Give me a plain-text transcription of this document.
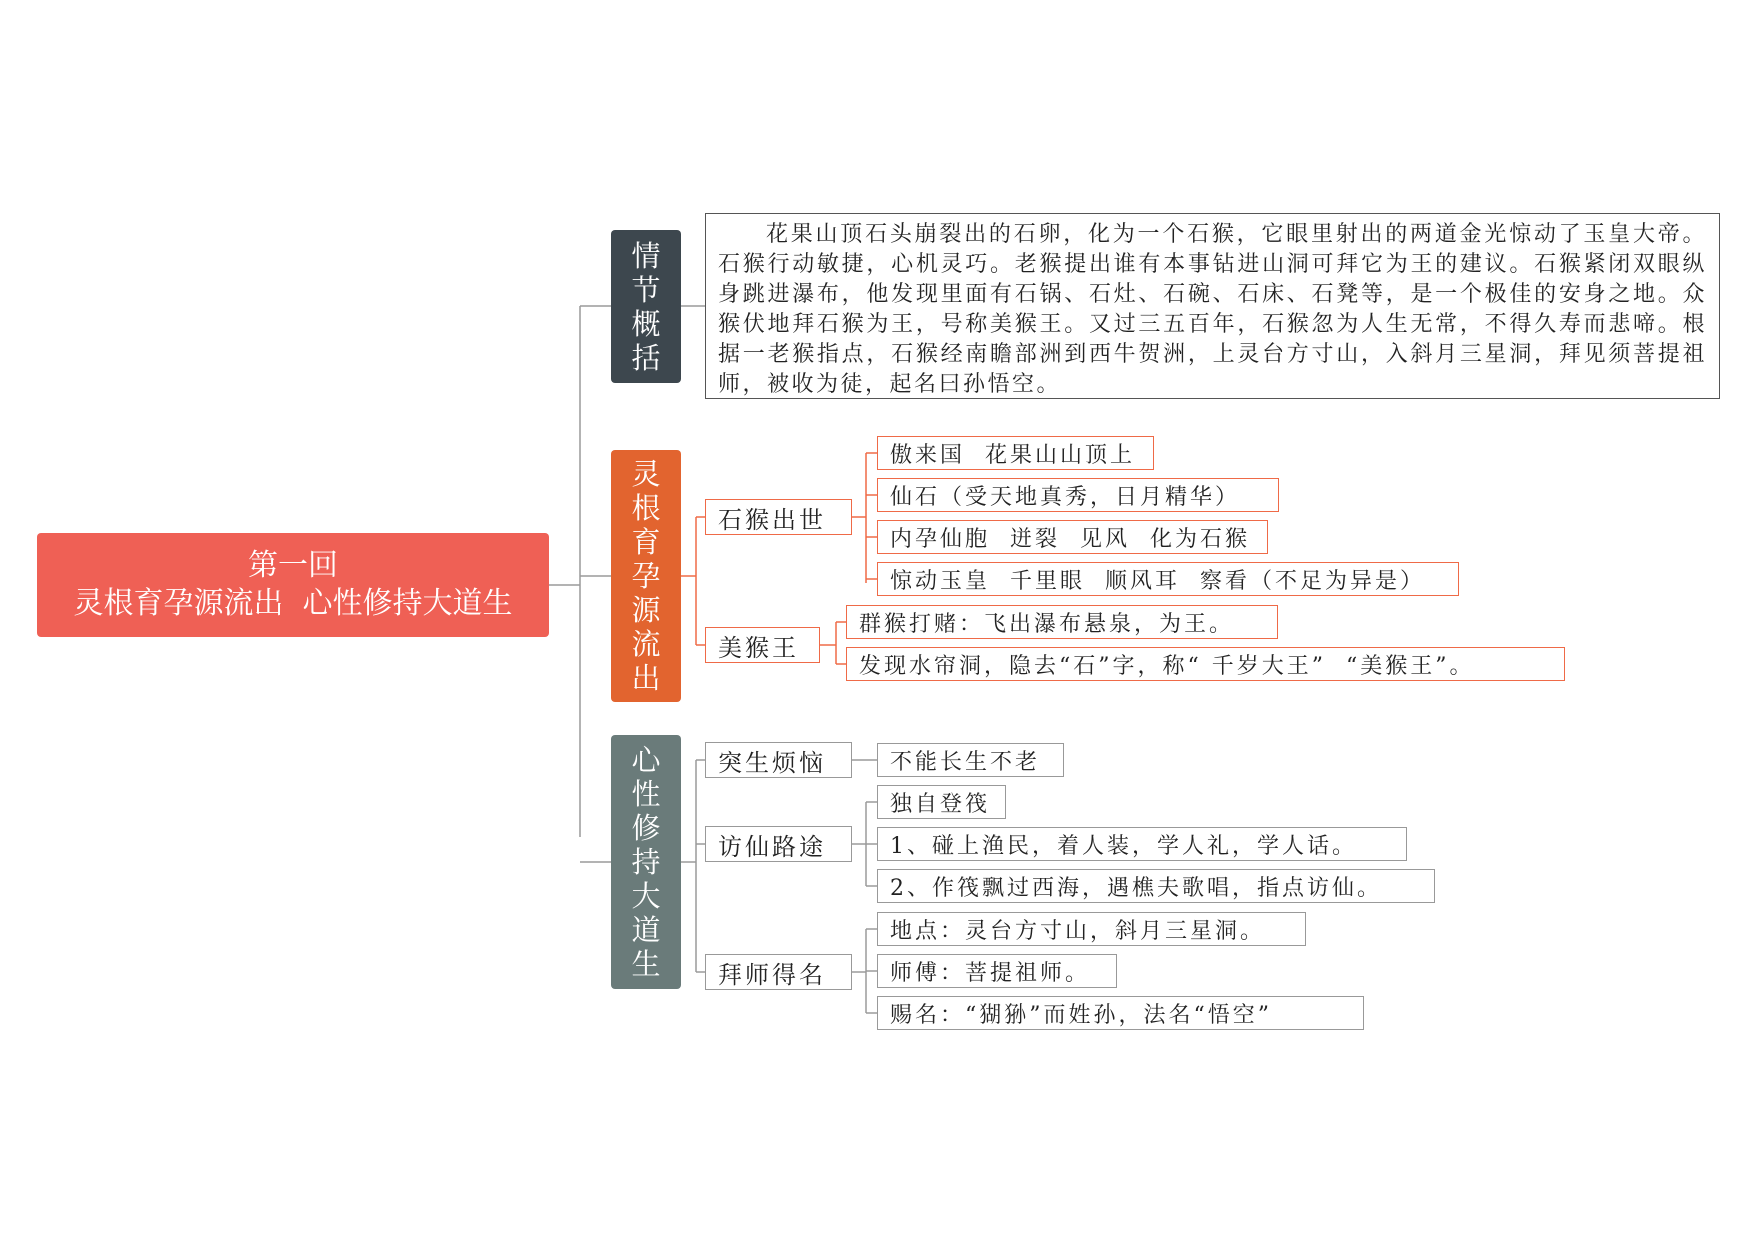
第一回
灵根育孕源流出  心性修持大道生
情节概括
花果山顶石头崩裂出的石卵，化为一个石猴，它眼里射出的两道金光惊动了玉皇大帝。石猴行动敏捷，心机灵巧。老猴提出谁有本事钻进山洞可拜它为王的建议。石猴紧闭双眼纵身跳进瀑布，他发现里面有石锅、石灶、石碗、石床、石凳等，是一个极佳的安身之地。众猴伏地拜石猴为王，号称美猴王。又过三五百年，石猴忽为人生无常，不得久寿而悲啼。根据一老猴指点，石猴经南瞻部洲到西牛贺洲，上灵台方寸山，入斜月三星洞，拜见须菩提祖师，被收为徒，起名曰孙悟空。
灵根育孕源流出
石猴出世
傲来国  花果山山顶上
仙石（受天地真秀，日月精华）
内孕仙胞  迸裂  见风  化为石猴
惊动玉皇  千里眼  顺风耳  察看（不足为异是）
美猴王
群猴打赌：飞出瀑布悬泉，为王。
发现水帘洞，隐去“石”字，称“ 千岁大王”  “美猴王”。
心性修持大道生
突生烦恼	不能长生不老
访仙路途
独自登筏
1、碰上渔民，着人装，学人礼，学人话。
2、作筏飘过西海，遇樵夫歌唱，指点访仙。
拜师得名
地点：灵台方寸山，斜月三星洞。
师傅：菩提祖师。
赐名：“猢狲”而姓孙，法名“悟空”
